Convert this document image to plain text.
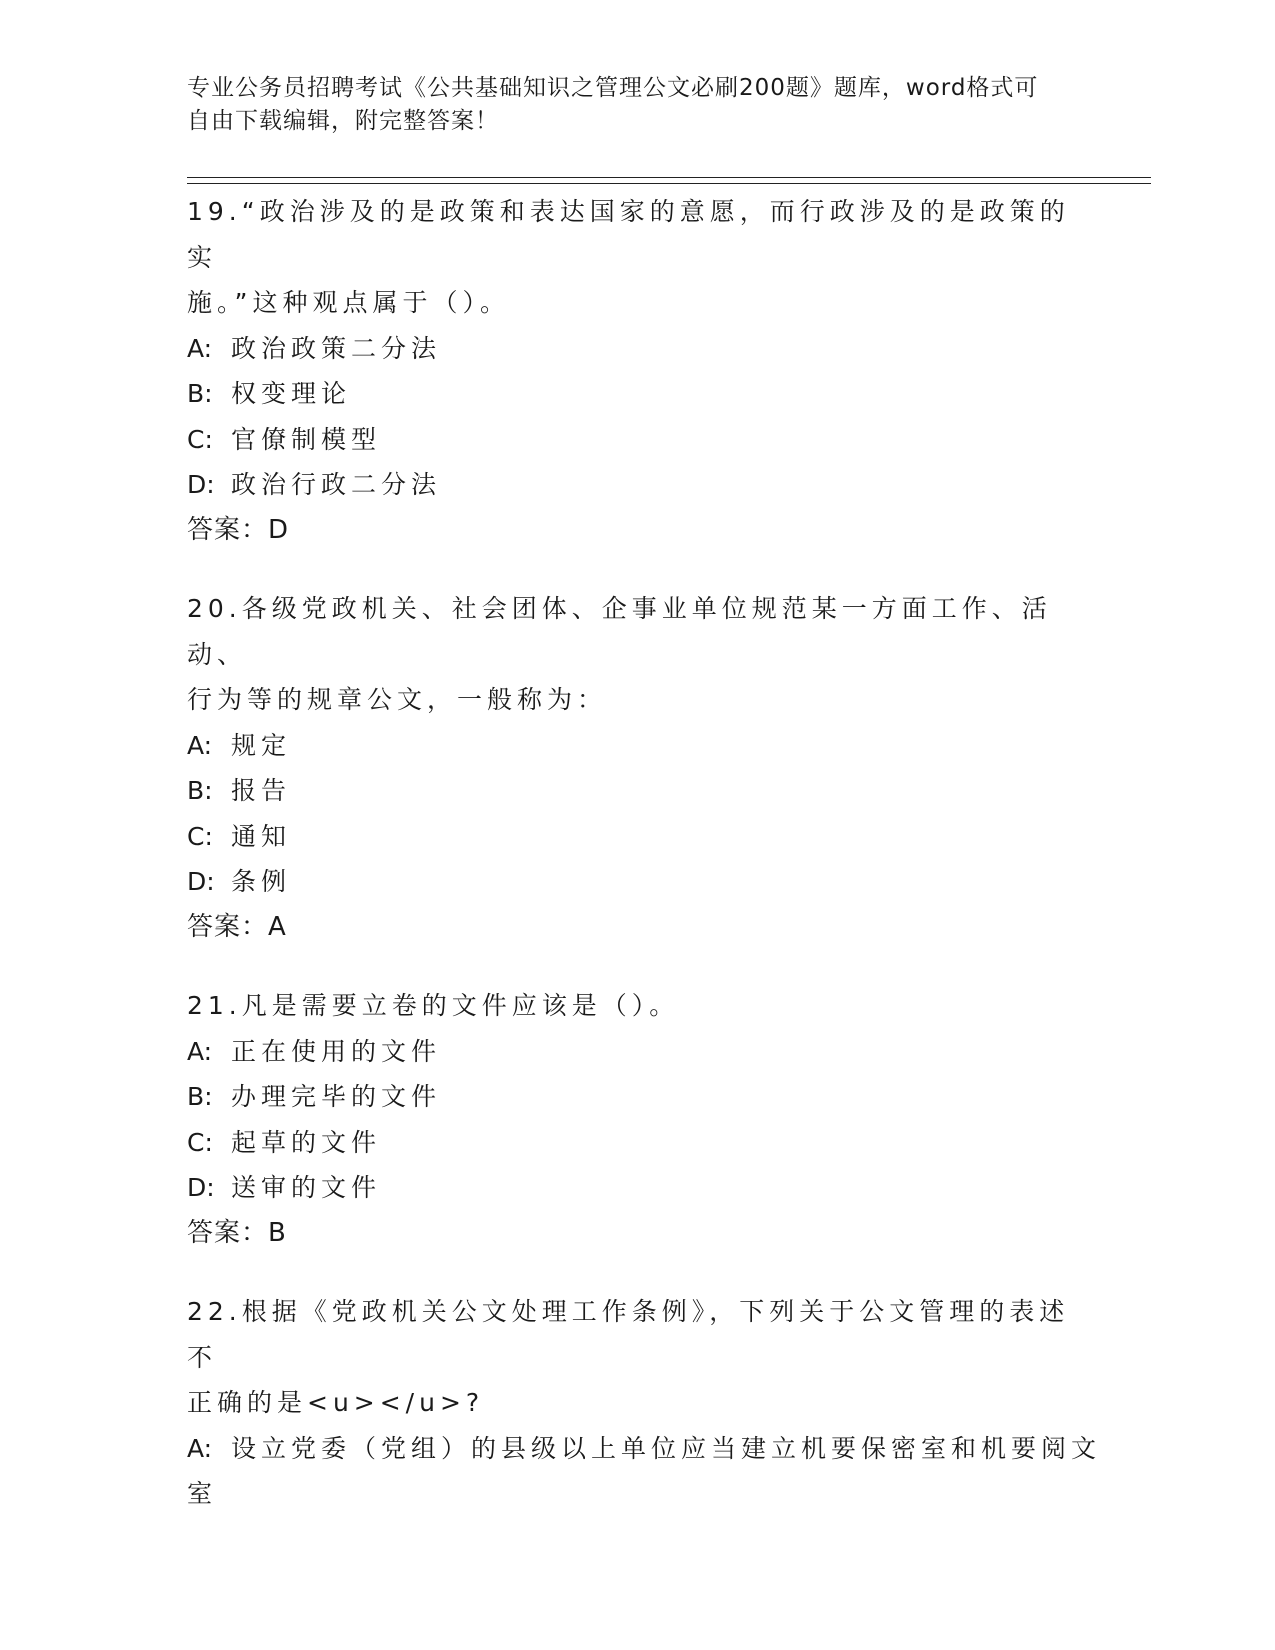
专业公务员招聘考试《公共基础知识之管理公文必刷200题》题库，word格式可
自由下载编辑，附完整答案！
19.“政治涉及的是政策和表达国家的意愿，而行政涉及的是政策的实
施。”这种观点属于（）。
A: 政治政策二分法
B: 权变理论
C: 官僚制模型
D: 政治行政二分法
答案：D
20.各级党政机关、社会团体、企事业单位规范某一方面工作、活动、
行为等的规章公文，一般称为：
A: 规定
B: 报告
C: 通知
D: 条例
答案：A
21.凡是需要立卷的文件应该是（）。
A: 正在使用的文件
B: 办理完毕的文件
C: 起草的文件
D: 送审的文件
答案：B
22.根据《党政机关公文处理工作条例》，下列关于公文管理的表述不
正确的是<u></u>?
A: 设立党委（党组）的县级以上单位应当建立机要保密室和机要阅文
室
